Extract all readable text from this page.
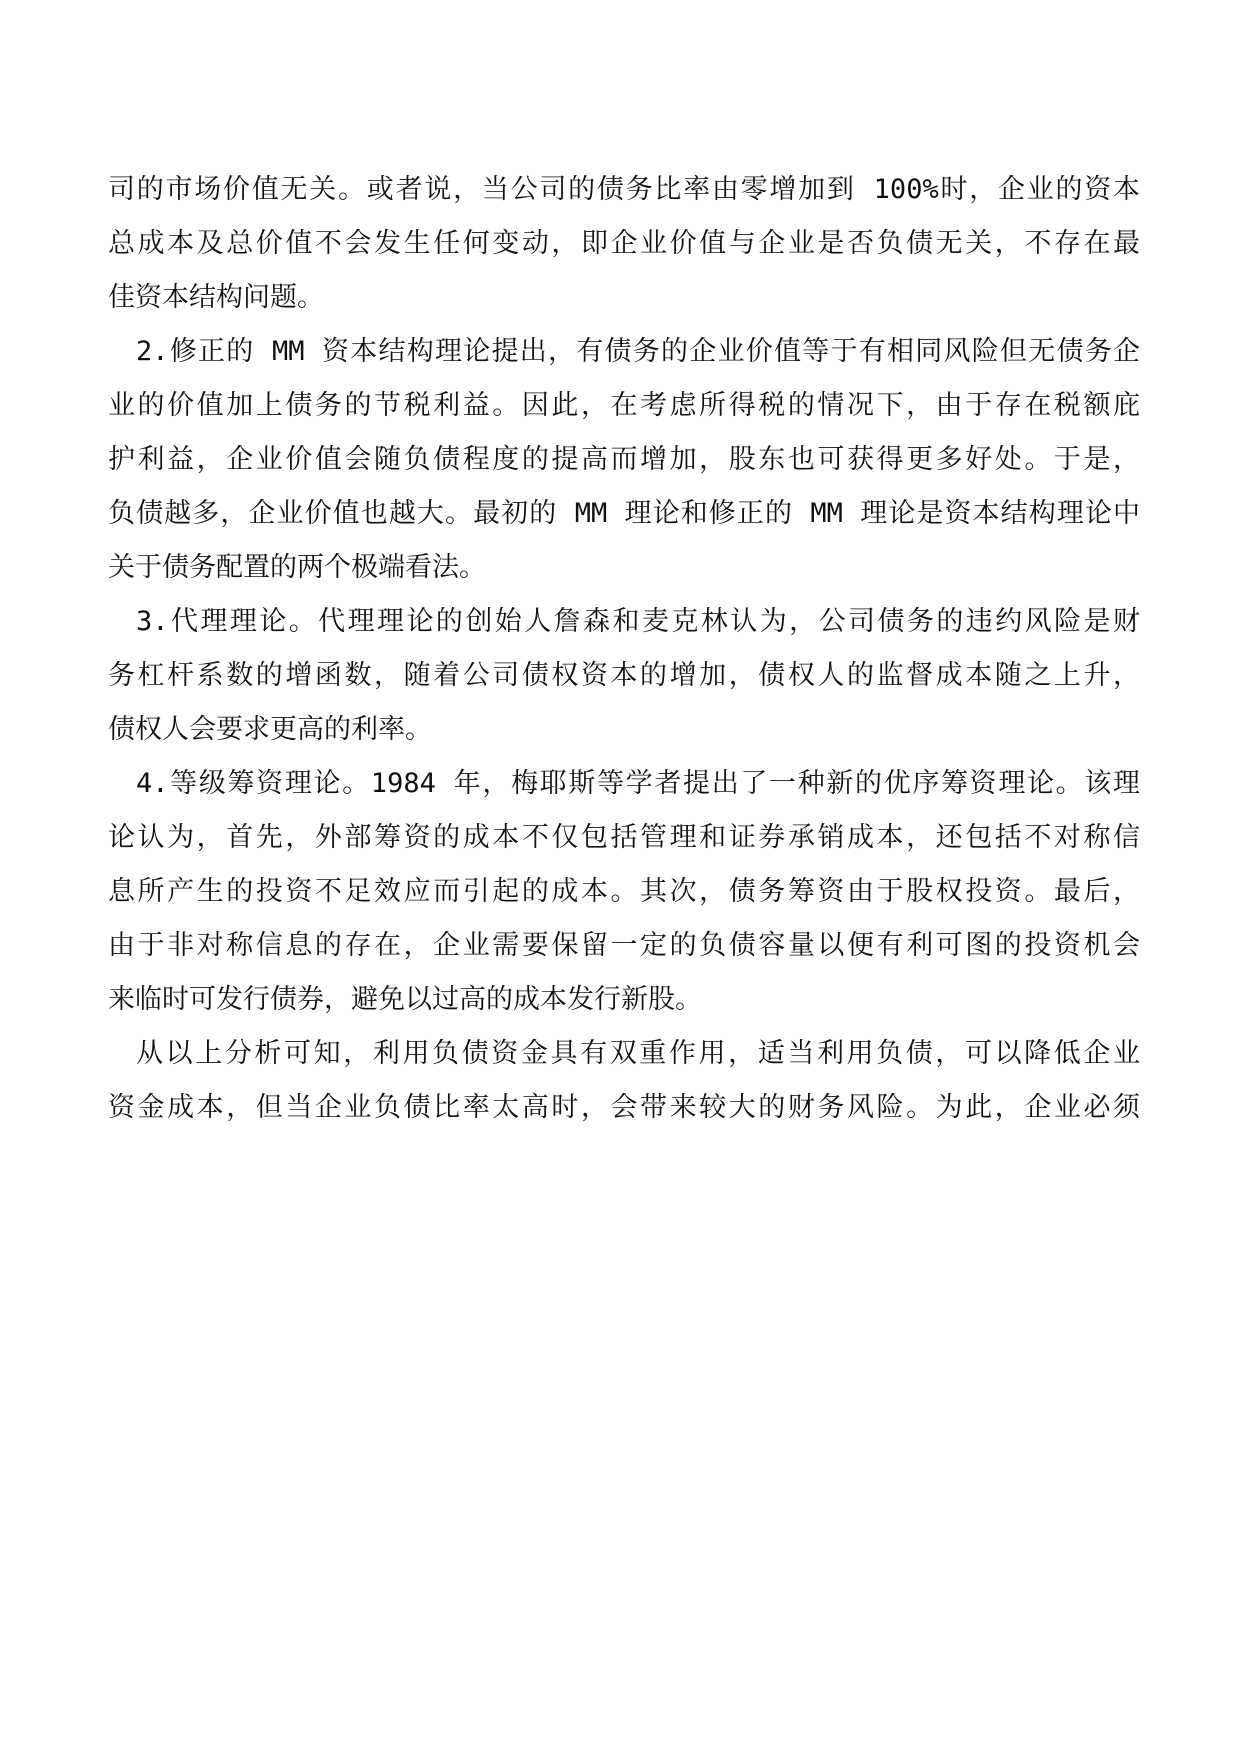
司的市场价值无关。或者说，当公司的债务比率由零增加到 100%时，企业的资本
总成本及总价值不会发生任何变动，即企业价值与企业是否负债无关，不存在最
佳资本结构问题。
2.修正的 MM 资本结构理论提出，有债务的企业价值等于有相同风险但无债务企
业的价值加上债务的节税利益。因此，在考虑所得税的情况下，由于存在税额庇
护利益，企业价值会随负债程度的提高而增加，股东也可获得更多好处。于是，
负债越多，企业价值也越大。最初的 MM 理论和修正的 MM 理论是资本结构理论中
关于债务配置的两个极端看法。
3.代理理论。代理理论的创始人詹森和麦克林认为，公司债务的违约风险是财
务杠杆系数的增函数，随着公司债权资本的增加，债权人的监督成本随之上升，
债权人会要求更高的利率。
4.等级筹资理论。1984 年，梅耶斯等学者提出了一种新的优序筹资理论。该理
论认为，首先，外部筹资的成本不仅包括管理和证券承销成本，还包括不对称信
息所产生的投资不足效应而引起的成本。其次，债务筹资由于股权投资。最后，
由于非对称信息的存在，企业需要保留一定的负债容量以便有利可图的投资机会
来临时可发行债券，避免以过高的成本发行新股。
从以上分析可知，利用负债资金具有双重作用，适当利用负债，可以降低企业
资金成本，但当企业负债比率太高时，会带来较大的财务风险。为此，企业必须
